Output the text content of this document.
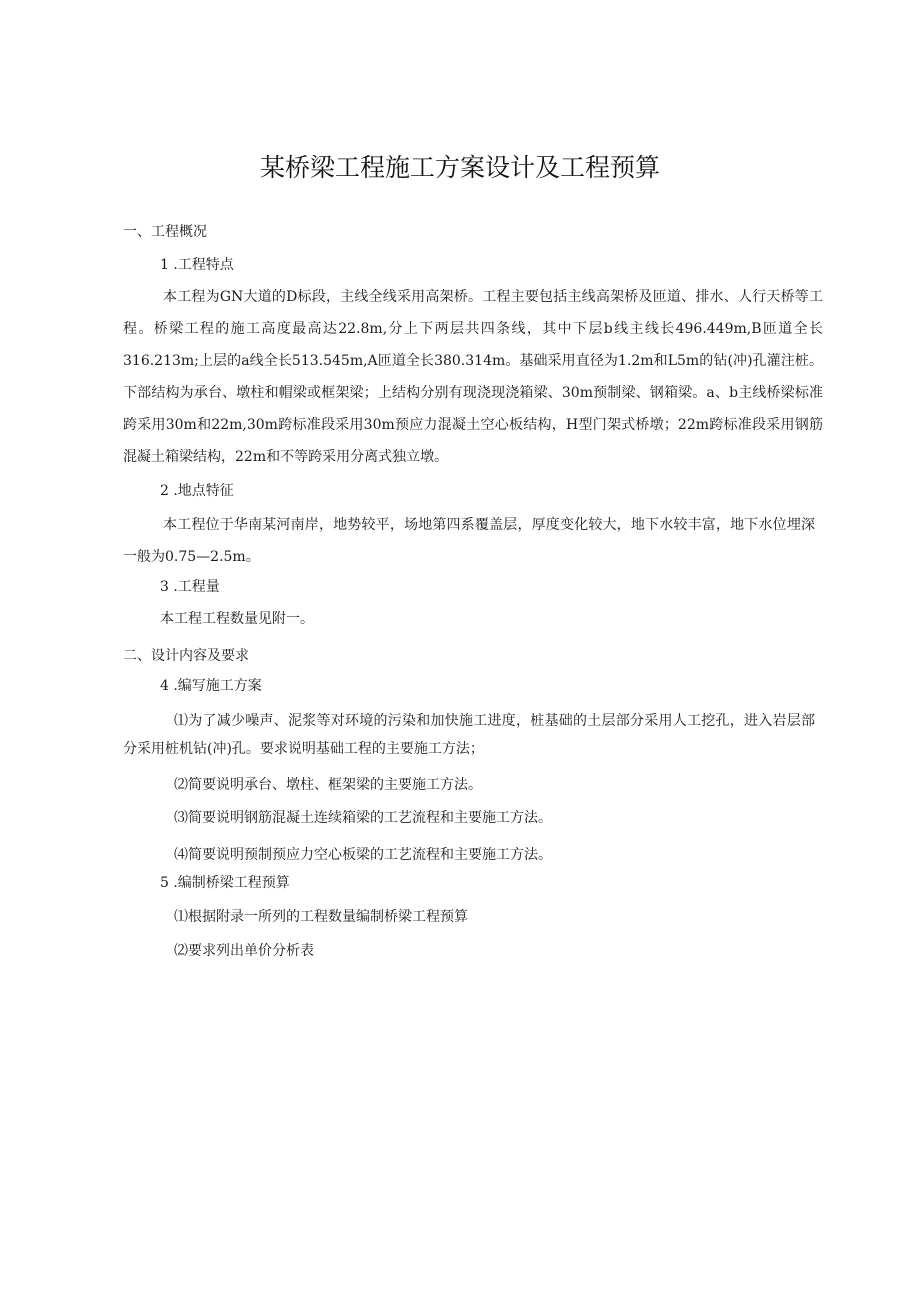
某桥梁工程施工方案设计及工程预算

一、工程概况

1 .工程特点

本工程为GN大道的D标段，主线全线采用高架桥。工程主要包括主线高架桥及匝道、排水、人行天桥等工程。桥梁工程的施工高度最高达22.8m,分上下两层共四条线，其中下层b线主线长496.449m,B匝道全长316.213m;上层的a线全长513.545m,A匝道全长380.314m。基础采用直径为1.2m和L5m的钻(冲)孔灌注桩。下部结构为承台、墩柱和帽梁或框架梁；上结构分别有现浇现浇箱梁、30m预制梁、钢箱梁。a、b主线桥梁标准跨采用30m和22m,30m跨标准段采用30m预应力混凝土空心板结构，H型门架式桥墩；22m跨标准段采用钢筋混凝土箱梁结构，22m和不等跨采用分离式独立墩。

2 .地点特征

本工程位于华南某河南岸，地势较平，场地第四系覆盖层，厚度变化较大，地下水较丰富，地下水位埋深一般为0.75—2.5m。

3 .工程量

本工程工程数量见附一。

二、设计内容及要求

4 .编写施工方案

⑴为了减少噪声、泥浆等对环境的污染和加快施工进度，桩基础的土层部分采用人工挖孔，进入岩层部分采用桩机钻(冲)孔。要求说明基础工程的主要施工方法；

⑵简要说明承台、墩柱、框架梁的主要施工方法。

⑶简要说明钢筋混凝土连续箱梁的工艺流程和主要施工方法。

⑷简要说明预制预应力空心板梁的工艺流程和主要施工方法。

5 .编制桥梁工程预算

⑴根据附录一所列的工程数量编制桥梁工程预算

⑵要求列出单价分析表
